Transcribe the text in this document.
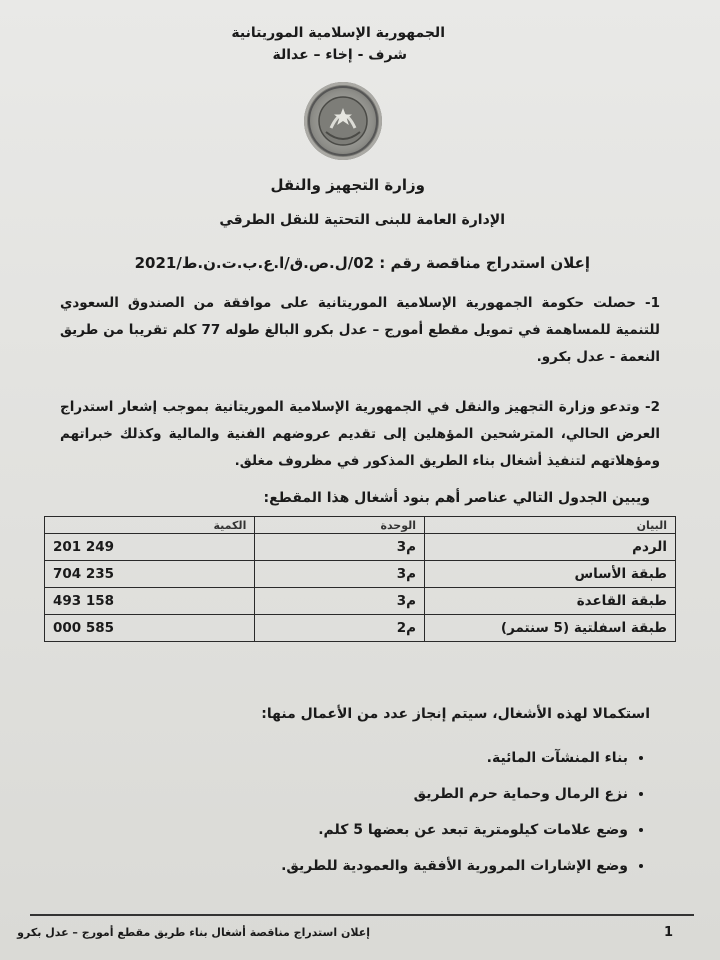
الجمهورية الإسلامية الموريتانية
شرف - إخاء – عدالة
وزارة التجهيز والنقل
الإدارة العامة للبنى التحتية للنقل الطرقي
إعلان استدراج مناقصة رقم : 02/ل.ص.ق/ا.ع.ب.ت.ن.ط/2021
1- حصلت حكومة الجمهورية الإسلامية الموريتانية على موافقة من الصندوق السعودي للتنمية للمساهمة في تمويل مقطع أمورج – عدل بكرو البالغ طوله 77 كلم تقريبا من طريق النعمة - عدل بكرو.
2- وتدعو وزارة التجهيز والنقل في الجمهورية الإسلامية الموريتانية بموجب إشعار استدراج العرض الحالي، المترشحين المؤهلين إلى تقديم عروضهم الفنية والمالية وكذلك خبراتهم ومؤهلاتهم لتنفيذ أشغال بناء الطريق المذكور في مظروف مغلق.
ويبين الجدول التالي عناصر أهم بنود أشغال هذا المقطع:
البيان	الوحدة	الكمية
الردم	م3	249 201
طبقة الأساس	م3	235 704
طبقة القاعدة	م3	158 493
طبقة اسفلتية (5 سنتمر)	م2	585 000
استكمالا لهذه الأشغال، سيتم إنجاز عدد من الأعمال منها:
• بناء المنشآت المائية.
• نزع الرمال وحماية حرم الطريق
• وضع علامات كيلومترية تبعد عن بعضها 5 كلم.
• وضع الإشارات المرورية الأفقية والعمودية للطريق.
إعلان استدراج مناقصة أشغال بناء طريق مقطع أمورج – عدل بكرو	1
